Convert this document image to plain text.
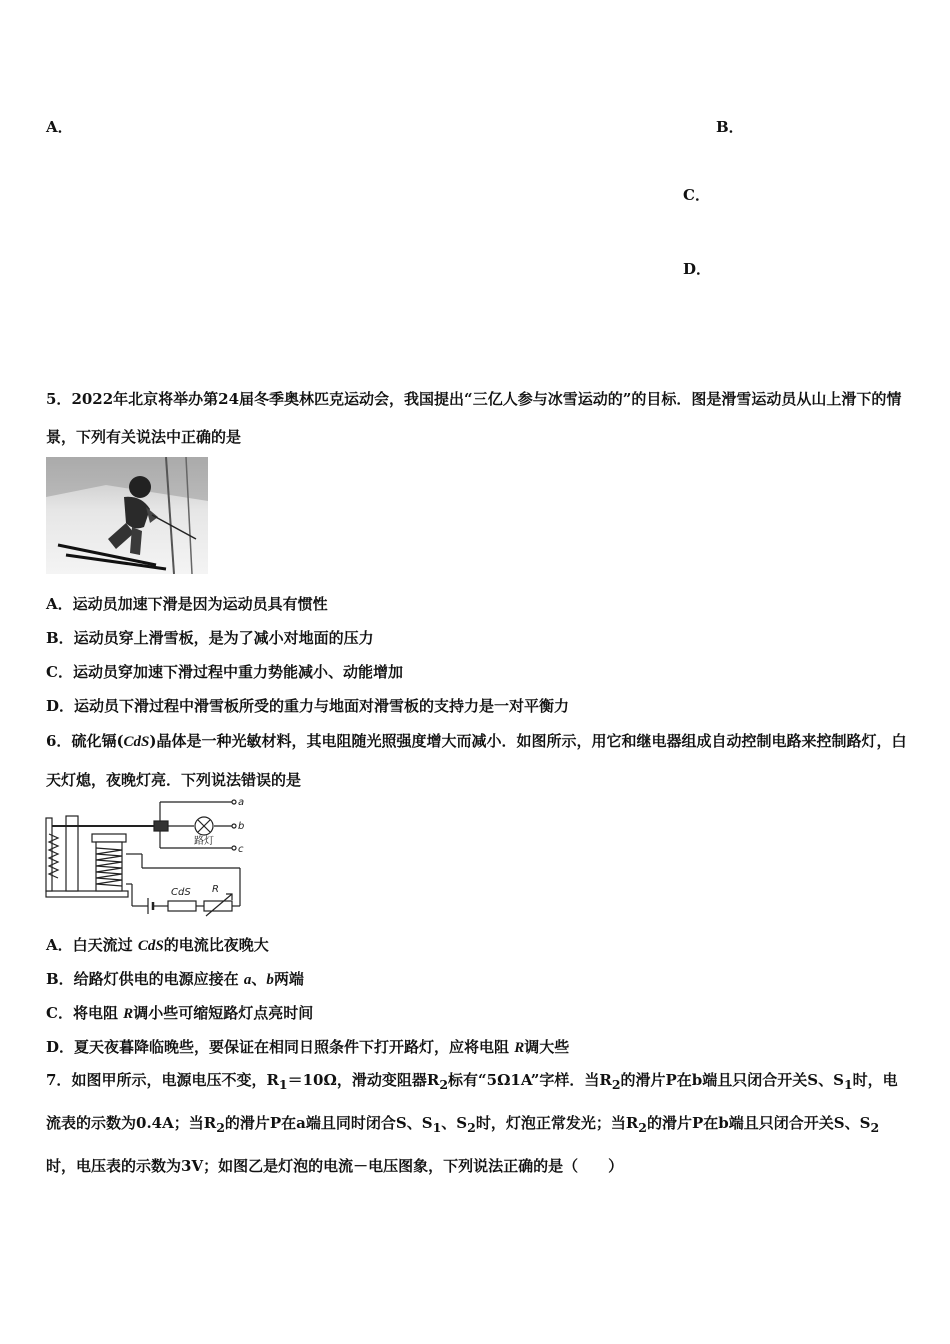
A．	B．
C．
D．
5．2022年北京将举办第24届冬季奥林匹克运动会，我国提出“三亿人参与冰雪运动的”的目标．图是滑雪运动员从山上滑下的情景，下列有关说法中正确的是
A．运动员加速下滑是因为运动员具有惯性
B．运动员穿上滑雪板，是为了减小对地面的压力
C．运动员穿加速下滑过程中重力势能减小、动能增加
D．运动员下滑过程中滑雪板所受的重力与地面对滑雪板的支持力是一对平衡力
6．硫化镉(CdS)晶体是一种光敏材料，其电阻随光照强度增大而减小．如图所示，用它和继电器组成自动控制电路来控制路灯，白天灯熄，夜晚灯亮．下列说法错误的是
a
b
c
路灯
CdS R
A．白天流过 CdS的电流比夜晚大
B．给路灯供电的电源应接在 a、b两端
C．将电阻 R调小些可缩短路灯点亮时间
D．夏天夜暮降临晚些，要保证在相同日照条件下打开路灯，应将电阻 R调大些
7．如图甲所示，电源电压不变，$R_1=10\Omega$，滑动变阻器$R_2$标有“5Ω1A”字样．当$R_2$的滑片P在b端且只闭合开关S、$S_1$时，电流表的示数为0.4A；当$R_2$的滑片P在a端且同时闭合S、$S_1$、$S_2$时，灯泡正常发光；当$R_2$的滑片P在b端且只闭合开关S、$S_2$时，电压表的示数为3V；如图乙是灯泡的电流－电压图象，下列说法正确的是（　　）
